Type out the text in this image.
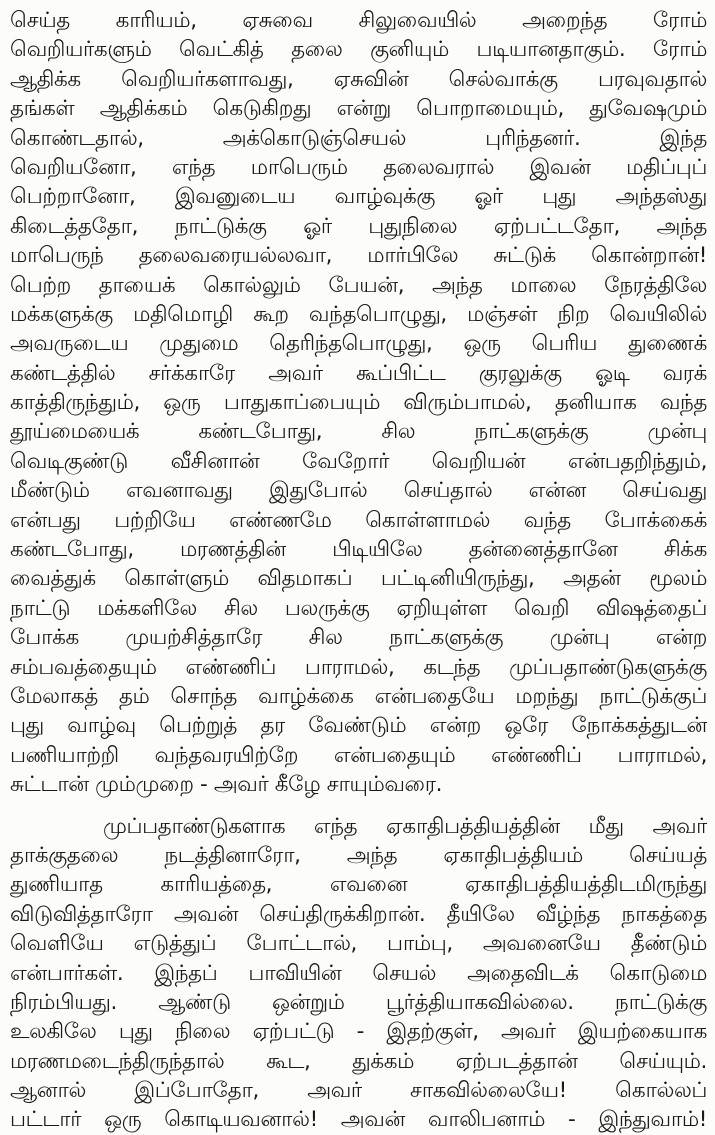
செய்த காரியம், ஏசுவை சிலுவையில் அறைந்த ரோம்
வெறியர்களும் வெட்கித் தலை குனியும் படியானதாகும். ரோம்
ஆதிக்க வெறியர்களாவது, ஏசுவின் செல்வாக்கு பரவுவதால்
தங்கள் ஆதிக்கம் கெடுகிறது என்று பொறாமையும், துவேஷமும்
கொண்டதால், அக்கொடுஞ்செயல் புரிந்தனர். இந்த
வெறியனோ, எந்த மாபெரும் தலைவரால் இவன் மதிப்புப்
பெற்றானோ, இவனுடைய வாழ்வுக்கு ஓர் புது அந்தஸ்து
கிடைத்ததோ, நாட்டுக்கு ஓர் புதுநிலை ஏற்பட்டதோ, அந்த
மாபெருந் தலைவரையல்லவா, மார்பிலே சுட்டுக் கொன்றான்!
பெற்ற தாயைக் கொல்லும் பேயன், அந்த மாலை நேரத்திலே
மக்களுக்கு மதிமொழி கூற வந்தபொழுது, மஞ்சள் நிற வெயிலில்
அவருடைய முதுமை தெரிந்தபொழுது, ஒரு பெரிய துணைக்
கண்டத்தில் சர்க்காரே அவர் கூப்பிட்ட குரலுக்கு ஓடி வரக்
காத்திருந்தும், ஒரு பாதுகாப்பையும் விரும்பாமல், தனியாக வந்த
தூய்மையைக் கண்டபோது, சில நாட்களுக்கு முன்பு
வெடிகுண்டு வீசினான் வேறோர் வெறியன் என்பதறிந்தும்,
மீண்டும் எவனாவது இதுபோல் செய்தால் என்ன செய்வது
என்பது பற்றியே எண்ணமே கொள்ளாமல் வந்த போக்கைக்
கண்டபோது, மரணத்தின் பிடியிலே தன்னைத்தானே சிக்க
வைத்துக் கொள்ளும் விதமாகப் பட்டினியிருந்து, அதன் மூலம்
நாட்டு மக்களிலே சில பலருக்கு ஏறியுள்ள வெறி விஷத்தைப்
போக்க முயற்சித்தாரே சில நாட்களுக்கு முன்பு என்ற
சம்பவத்தையும் எண்ணிப் பாராமல், கடந்த முப்பதாண்டுகளுக்கு
மேலாகத் தம் சொந்த வாழ்க்கை என்பதையே மறந்து நாட்டுக்குப்
புது வாழ்வு பெற்றுத் தர வேண்டும் என்ற ஒரே நோக்கத்துடன்
பணியாற்றி வந்தவரயிற்றே என்பதையும் எண்ணிப் பாராமல்,
சுட்டான் மும்முறை - அவர் கீழே சாயும்வரை.
முப்பதாண்டுகளாக எந்த ஏகாதிபத்தியத்தின் மீது அவர்
தாக்குதலை நடத்தினாரோ, அந்த ஏகாதிபத்தியம் செய்யத்
துணியாத காரியத்தை, எவனை ஏகாதிபத்தியத்திடமிருந்து
விடுவித்தாரோ அவன் செய்திருக்கிறான். தீயிலே வீழ்ந்த நாகத்தை
வெளியே எடுத்துப் போட்டால், பாம்பு, அவனையே தீண்டும்
என்பார்கள். இந்தப் பாவியின் செயல் அதைவிடக் கொடுமை
நிரம்பியது. ஆண்டு ஒன்றும் பூர்த்தியாகவில்லை. நாட்டுக்கு
உலகிலே புது நிலை ஏற்பட்டு - இதற்குள், அவர் இயற்கையாக
மரணமடைந்திருந்தால் கூட, துக்கம் ஏற்படத்தான் செய்யும்.
ஆனால் இப்போதோ, அவர் சாகவில்லையே! கொல்லப்
பட்டார் ஒரு கொடியவனால்! அவன் வாலிபனாம் - இந்துவாம்!
